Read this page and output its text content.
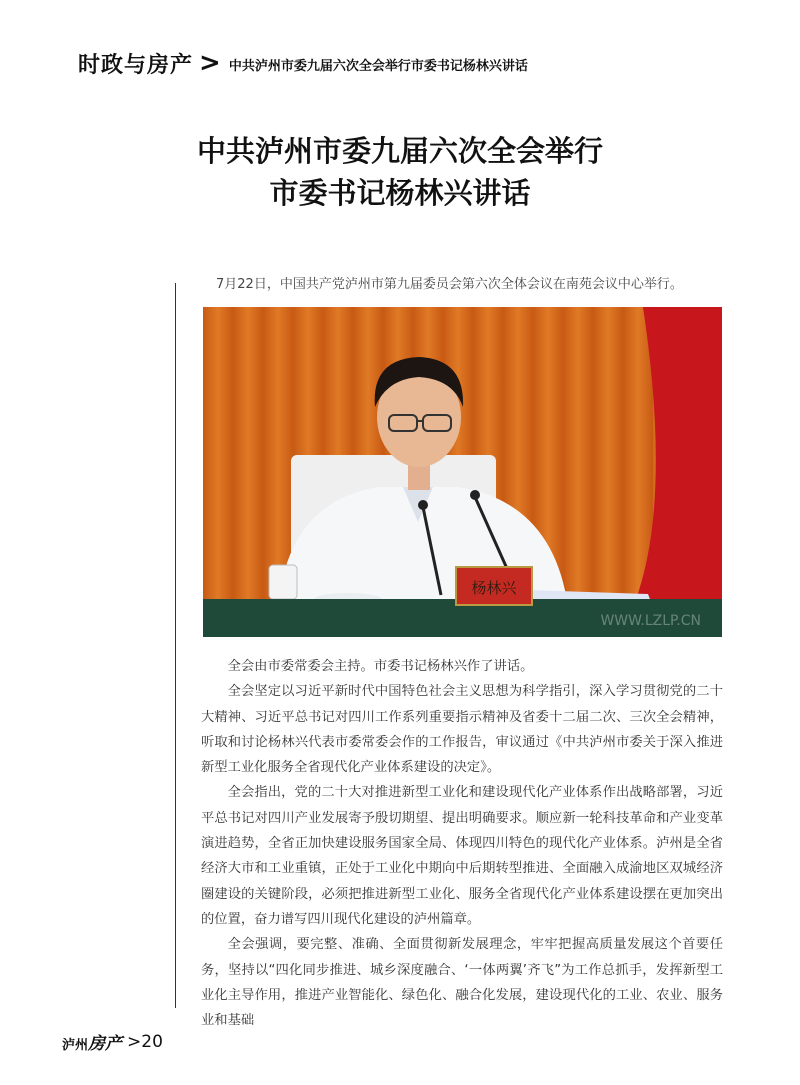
时政与房产 > 中共泸州市委九届六次全会举行市委书记杨林兴讲话
中共泸州市委九届六次全会举行
市委书记杨林兴讲话
7月22日，中国共产党泸州市第九届委员会第六次全体会议在南苑会议中心举行。
杨林兴
WWW.LZLP.CN

全会由市委常委会主持。市委书记杨林兴作了讲话。

全会坚定以习近平新时代中国特色社会主义思想为科学指引，深入学习贯彻党的二十大精神、习近平总书记对四川工作系列重要指示精神及省委十二届二次、三次全会精神，听取和讨论杨林兴代表市委常委会作的工作报告，审议通过《中共泸州市委关于深入推进新型工业化服务全省现代化产业体系建设的决定》。

全会指出，党的二十大对推进新型工业化和建设现代化产业体系作出战略部署，习近平总书记对四川产业发展寄予殷切期望、提出明确要求。顺应新一轮科技革命和产业变革演进趋势，全省正加快建设服务国家全局、体现四川特色的现代化产业体系。泸州是全省经济大市和工业重镇，正处于工业化中期向中后期转型推进、全面融入成渝地区双城经济圈建设的关键阶段，必须把推进新型工业化、服务全省现代化产业体系建设摆在更加突出的位置，奋力谱写四川现代化建设的泸州篇章。

全会强调，要完整、准确、全面贯彻新发展理念，牢牢把握高质量发展这个首要任务，坚持以“四化同步推进、城乡深度融合、‘一体两翼’齐飞”为工作总抓手，发挥新型工业化主导作用，推进产业智能化、绿色化、融合化发展，建设现代化的工业、农业、服务业和基础

泸州房产 >20
